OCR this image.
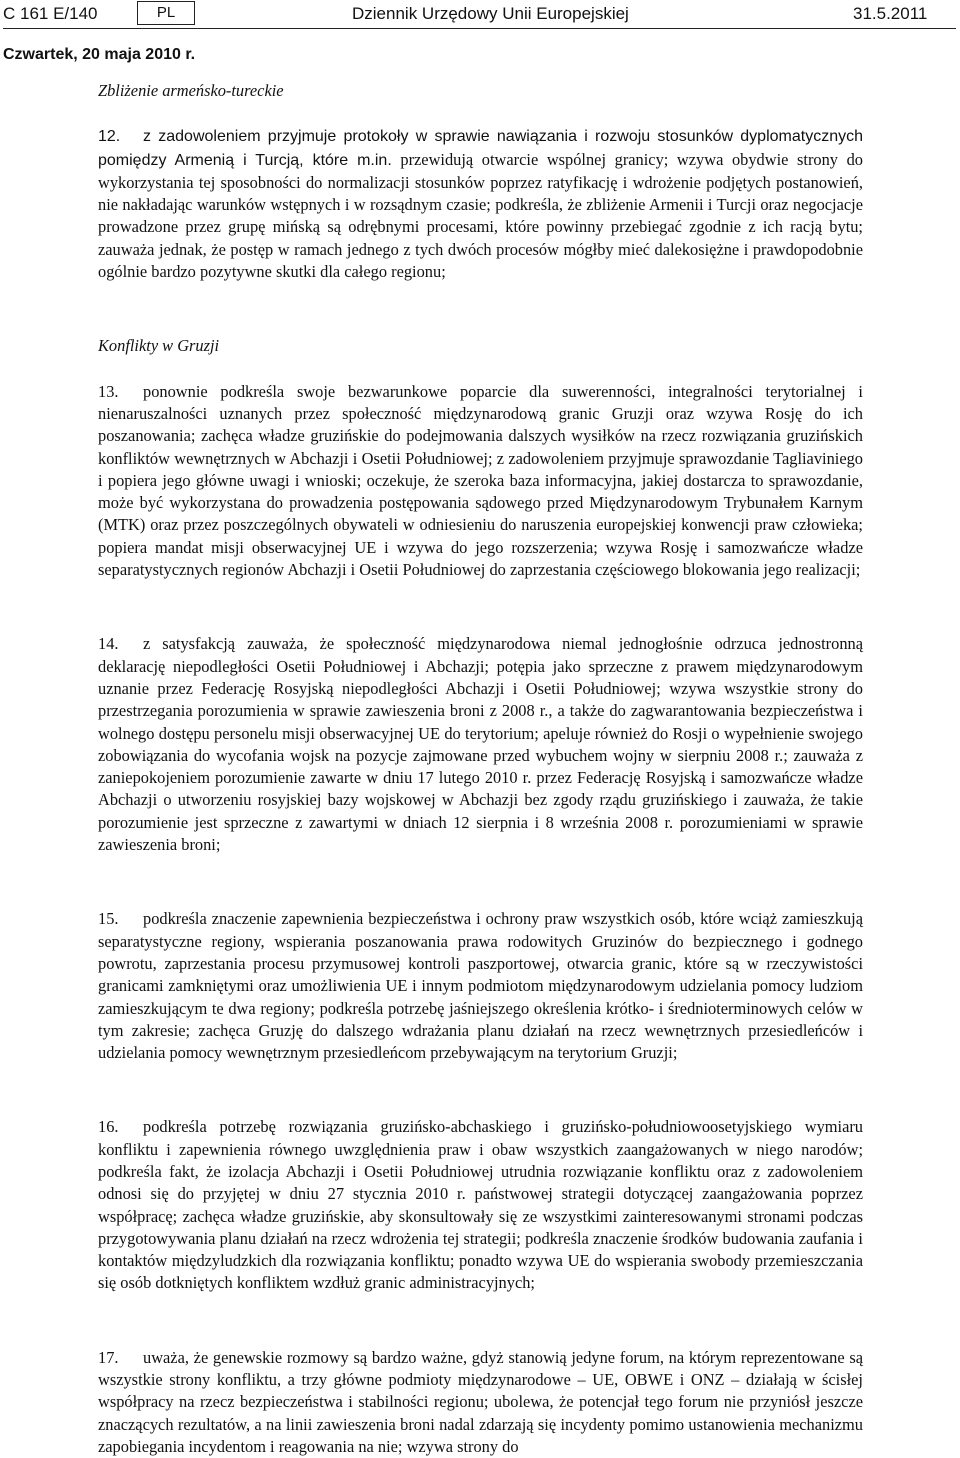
C 161 E/140	PL	Dziennik Urzędowy Unii Europejskiej	31.5.2011
Czwartek, 20 maja 2010 r.

Zbliżenie armeńsko-tureckie

12. z zadowoleniem przyjmuje protokoły w sprawie nawiązania i rozwoju stosunków dyplomatycznych pomiędzy Armenią i Turcją, które m.in. przewidują otwarcie wspólnej granicy; wzywa obydwie strony do wykorzystania tej sposobności do normalizacji stosunków poprzez ratyfikację i wdrożenie podjętych postanowień, nie nakładając warunków wstępnych i w rozsądnym czasie; podkreśla, że zbliżenie Armenii i Turcji oraz negocjacje prowadzone przez grupę mińską są odrębnymi procesami, które powinny przebiegać zgodnie z ich racją bytu; zauważa jednak, że postęp w ramach jednego z tych dwóch procesów mógłby mieć dalekosiężne i prawdopodobnie ogólnie bardzo pozytywne skutki dla całego regionu;

Konflikty w Gruzji

13. ponownie podkreśla swoje bezwarunkowe poparcie dla suwerenności, integralności terytorialnej i nienaruszalności uznanych przez społeczność międzynarodową granic Gruzji oraz wzywa Rosję do ich poszanowania; zachęca władze gruzińskie do podejmowania dalszych wysiłków na rzecz rozwiązania gruzińskich konfliktów wewnętrznych w Abchazji i Osetii Południowej; z zadowoleniem przyjmuje sprawozdanie Tagliaviniego i popiera jego główne uwagi i wnioski; oczekuje, że szeroka baza informacyjna, jakiej dostarcza to sprawozdanie, może być wykorzystana do prowadzenia postępowania sądowego przed Międzynarodowym Trybunałem Karnym (MTK) oraz przez poszczególnych obywateli w odniesieniu do naruszenia europejskiej konwencji praw człowieka; popiera mandat misji obserwacyjnej UE i wzywa do jego rozszerzenia; wzywa Rosję i samozwańcze władze separatystycznych regionów Abchazji i Osetii Południowej do zaprzestania częściowego blokowania jego realizacji;

14. z satysfakcją zauważa, że społeczność międzynarodowa niemal jednogłośnie odrzuca jednostronną deklarację niepodległości Osetii Południowej i Abchazji; potępia jako sprzeczne z prawem międzynarodowym uznanie przez Federację Rosyjską niepodległości Abchazji i Osetii Południowej; wzywa wszystkie strony do przestrzegania porozumienia w sprawie zawieszenia broni z 2008 r., a także do zagwarantowania bezpieczeństwa i wolnego dostępu personelu misji obserwacyjnej UE do terytorium; apeluje również do Rosji o wypełnienie swojego zobowiązania do wycofania wojsk na pozycje zajmowane przed wybuchem wojny w sierpniu 2008 r.; zauważa z zaniepokojeniem porozumienie zawarte w dniu 17 lutego 2010 r. przez Federację Rosyjską i samozwańcze władze Abchazji o utworzeniu rosyjskiej bazy wojskowej w Abchazji bez zgody rządu gruzińskiego i zauważa, że takie porozumienie jest sprzeczne z zawartymi w dniach 12 sierpnia i 8 września 2008 r. porozumieniami w sprawie zawieszenia broni;

15. podkreśla znaczenie zapewnienia bezpieczeństwa i ochrony praw wszystkich osób, które wciąż zamieszkują separatystyczne regiony, wspierania poszanowania prawa rodowitych Gruzinów do bezpiecznego i godnego powrotu, zaprzestania procesu przymusowej kontroli paszportowej, otwarcia granic, które są w rzeczywistości granicami zamkniętymi oraz umożliwienia UE i innym podmiotom międzynarodowym udzielania pomocy ludziom zamieszkującym te dwa regiony; podkreśla potrzebę jaśniejszego określenia krótko- i średnioterminowych celów w tym zakresie; zachęca Gruzję do dalszego wdrażania planu działań na rzecz wewnętrznych przesiedleńców i udzielania pomocy wewnętrznym przesiedleńcom przebywającym na terytorium Gruzji;

16. podkreśla potrzebę rozwiązania gruzińsko-abchaskiego i gruzińsko-południowoosetyjskiego wymiaru konfliktu i zapewnienia równego uwzględnienia praw i obaw wszystkich zaangażowanych w niego narodów; podkreśla fakt, że izolacja Abchazji i Osetii Południowej utrudnia rozwiązanie konfliktu oraz z zadowoleniem odnosi się do przyjętej w dniu 27 stycznia 2010 r. państwowej strategii dotyczącej zaangażowania poprzez współpracę; zachęca władze gruzińskie, aby skonsultowały się ze wszystkimi zainteresowanymi stronami podczas przygotowywania planu działań na rzecz wdrożenia tej strategii; podkreśla znaczenie środków budowania zaufania i kontaktów międzyludzkich dla rozwiązania konfliktu; ponadto wzywa UE do wspierania swobody przemieszczania się osób dotkniętych konfliktem wzdłuż granic administracyjnych;

17. uważa, że genewskie rozmowy są bardzo ważne, gdyż stanowią jedyne forum, na którym reprezentowane są wszystkie strony konfliktu, a trzy główne podmioty międzynarodowe – UE, OBWE i ONZ – działają w ścisłej współpracy na rzecz bezpieczeństwa i stabilności regionu; ubolewa, że potencjał tego forum nie przyniósł jeszcze znaczących rezultatów, a na linii zawieszenia broni nadal zdarzają się incydenty pomimo ustanowienia mechanizmu zapobiegania incydentom i reagowania na nie; wzywa strony do
